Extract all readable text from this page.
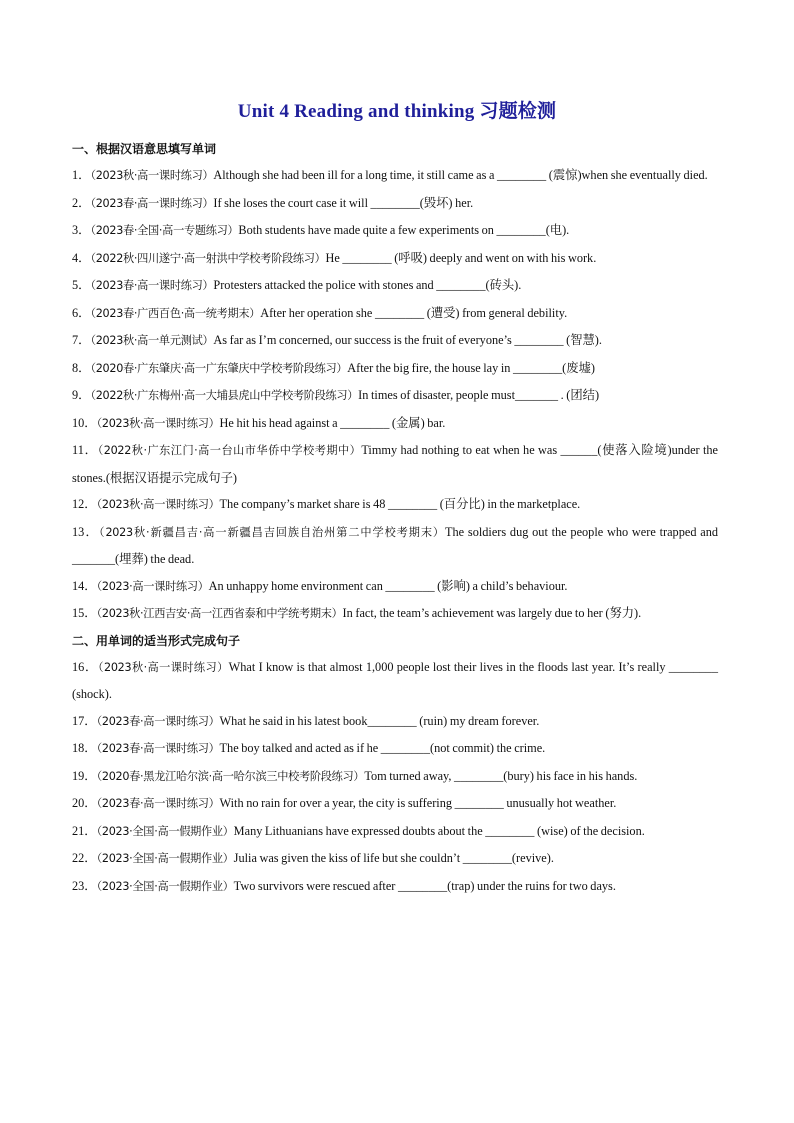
Unit 4 Reading and thinking 习题检测
一、根据汉语意思填写单词
1．（2023秋·高一课时练习）Although she had been ill for a long time, it still came as a ________ (震惊)when she eventually died.
2．（2023春·高一课时练习）If she loses the court case it will ________(毁坏) her.
3．（2023春·全国·高一专题练习）Both students have made quite a few experiments on ________(电).
4．（2022秋·四川遂宁·高一射洪中学校考阶段练习）He ________ (呼吸) deeply and went on with his work.
5．（2023春·高一课时练习）Protesters attacked the police with stones and ________(砖头).
6．（2023春·广西百色·高一统考期末）After her operation she ________ (遭受) from general debility.
7．（2023秋·高一单元测试）As far as I’m concerned, our success is the fruit of everyone’s ________ (智慧).
8．（2020春·广东肇庆·高一广东肇庆中学校考阶段练习）After the big fire, the house lay in ________(废墟)
9．（2022秋·广东梅州·高一大埔县虎山中学校考阶段练习）In times of disaster, people must_______ . (团结)
10．（2023秋·高一课时练习）He hit his head against a ________ (金属) bar.
11．（2022秋·广东江门·高一台山市华侨中学校考期中）Timmy had nothing to eat when he was ______(使落入险境)under the stones.(根据汉语提示完成句子)
12．（2023秋·高一课时练习）The company’s market share is 48 ________ (百分比) in the marketplace.
13．（2023秋·新疆昌吉·高一新疆昌吉回族自治州第二中学校考期末）The soldiers dug out the people who were trapped and _______(埋葬) the dead.
14．（2023·高一课时练习）An unhappy home environment can ________ (影响) a child’s behaviour.
15．（2023秋·江西吉安·高一江西省泰和中学统考期末）In fact, the team’s achievement was largely due to her (努力).
二、用单词的适当形式完成句子
16．（2023秋·高一课时练习）What I know is that almost 1,000 people lost their lives in the floods last year. It’s really ________ (shock).
17．（2023春·高一课时练习）What he said in his latest book________ (ruin) my dream forever.
18．（2023春·高一课时练习）The boy talked and acted as if he ________(not commit) the crime.
19．（2020春·黑龙江哈尔滨·高一哈尔滨三中校考阶段练习）Tom turned away, ________(bury) his face in his hands.
20．（2023春·高一课时练习）With no rain for over a year, the city is suffering ________ unusually hot weather.
21．（2023·全国·高一假期作业）Many Lithuanians have expressed doubts about the ________ (wise) of the decision.
22．（2023·全国·高一假期作业）Julia was given the kiss of life but she couldn’t ________(revive).
23．（2023·全国·高一假期作业）Two survivors were rescued after ________(trap) under the ruins for two days.
